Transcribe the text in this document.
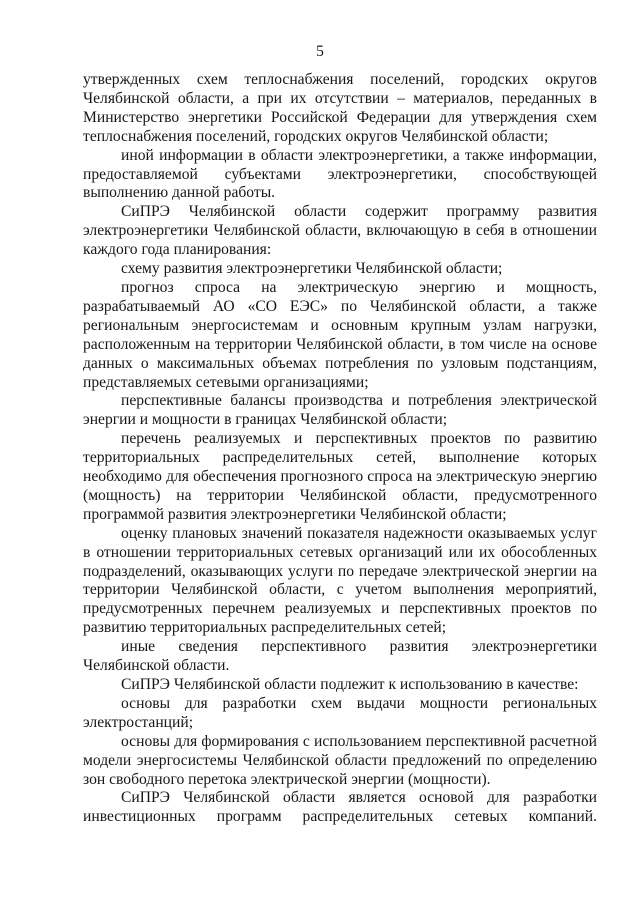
5

утвержденных схем теплоснабжения поселений, городских округов Челябинской области, а при их отсутствии – материалов, переданных в Министерство энергетики Российской Федерации для утверждения схем теплоснабжения поселений, городских округов Челябинской области;

иной информации в области электроэнергетики, а также информации, предоставляемой субъектами электроэнергетики, способствующей выполнению данной работы.

СиПРЭ Челябинской области содержит программу развития электроэнергетики Челябинской области, включающую в себя в отношении каждого года планирования:

схему развития электроэнергетики Челябинской области;

прогноз спроса на электрическую энергию и мощность, разрабатываемый АО «СО ЕЭС» по Челябинской области, а также региональным энергосистемам и основным крупным узлам нагрузки, расположенным на территории Челябинской области, в том числе на основе данных о максимальных объемах потребления по узловым подстанциям, представляемых сетевыми организациями;

перспективные балансы производства и потребления электрической энергии и мощности в границах Челябинской области;

перечень реализуемых и перспективных проектов по развитию территориальных распределительных сетей, выполнение которых необходимо для обеспечения прогнозного спроса на электрическую энергию (мощность) на территории Челябинской области, предусмотренного программой развития электроэнергетики Челябинской области;

оценку плановых значений показателя надежности оказываемых услуг в отношении территориальных сетевых организаций или их обособленных подразделений, оказывающих услуги по передаче электрической энергии на территории Челябинской области, с учетом выполнения мероприятий, предусмотренных перечнем реализуемых и перспективных проектов по развитию территориальных распределительных сетей;

иные сведения перспективного развития электроэнергетики Челябинской области.

СиПРЭ Челябинской области подлежит к использованию в качестве:

основы для разработки схем выдачи мощности региональных электростанций;

основы для формирования с использованием перспективной расчетной модели энергосистемы Челябинской области предложений по определению зон свободного перетока электрической энергии (мощности).

СиПРЭ Челябинской области является основой для разработки инвестиционных программ распределительных сетевых компаний.
